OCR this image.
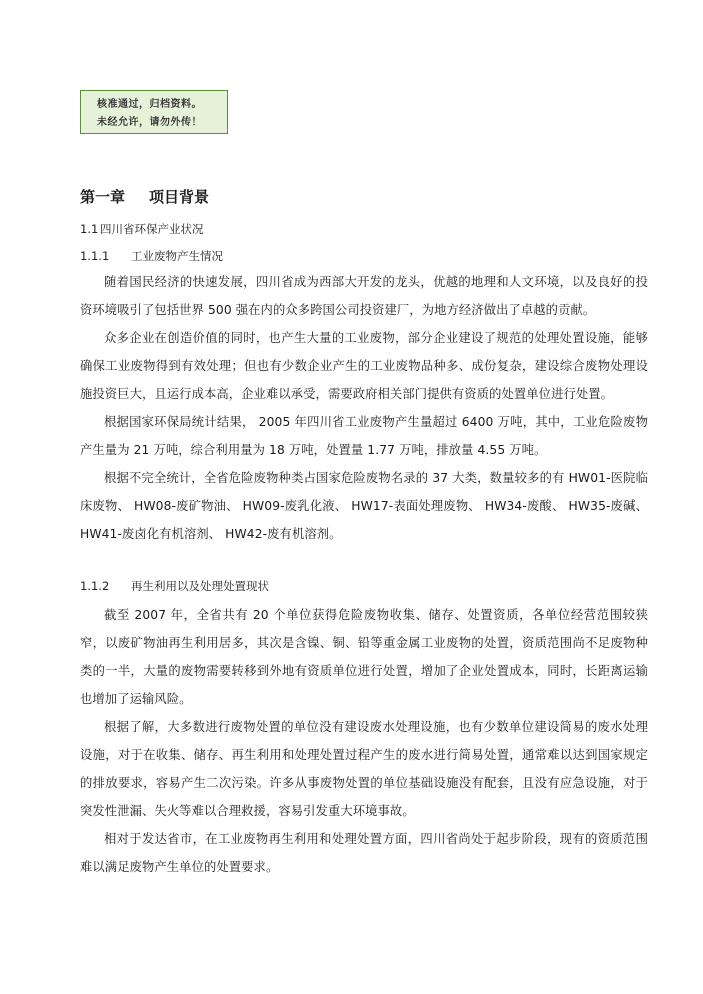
核准通过，归档资料。
未经允许，请勿外传！
第一章 项目背景
1.1 四川省环保产业状况
1.1.1 工业废物产生情况
随着国民经济的快速发展，四川省成为西部大开发的龙头，优越的地理和人文环境，以及良好的投资环境吸引了包括世界 500 强在内的众多跨国公司投资建厂，为地方经济做出了卓越的贡献。
众多企业在创造价值的同时，也产生大量的工业废物，部分企业建设了规范的处理处置设施，能够确保工业废物得到有效处理；但也有少数企业产生的工业废物品种多、成份复杂，建设综合废物处理设施投资巨大，且运行成本高，企业难以承受，需要政府相关部门提供有资质的处置单位进行处置。
根据国家环保局统计结果， 2005 年四川省工业废物产生量超过 6400 万吨，其中，工业危险废物产生量为 21 万吨，综合利用量为 18 万吨，处置量 1.77 万吨，排放量 4.55 万吨。
根据不完全统计，全省危险废物种类占国家危险废物名录的 37 大类，数量较多的有 HW01-医院临床废物、 HW08-废矿物油、 HW09-废乳化液、 HW17-表面处理废物、 HW34-废酸、 HW35-废碱、 HW41-废卤化有机溶剂、 HW42-废有机溶剂。
1.1.2 再生利用以及处理处置现状
截至 2007 年，全省共有 20 个单位获得危险废物收集、储存、处置资质，各单位经营范围较狭窄，以废矿物油再生利用居多，其次是含镍、铜、铅等重金属工业废物的处置，资质范围尚不足废物种类的一半，大量的废物需要转移到外地有资质单位进行处置，增加了企业处置成本，同时，长距离运输也增加了运输风险。
根据了解，大多数进行废物处置的单位没有建设废水处理设施，也有少数单位建设简易的废水处理设施，对于在收集、储存、再生利用和处理处置过程产生的废水进行简易处置，通常难以达到国家规定的排放要求，容易产生二次污染。许多从事废物处置的单位基础设施没有配套，且没有应急设施，对于突发性泄漏、失火等难以合理救援，容易引发重大环境事故。
相对于发达省市，在工业废物再生利用和处理处置方面，四川省尚处于起步阶段，现有的资质范围难以满足废物产生单位的处置要求。
